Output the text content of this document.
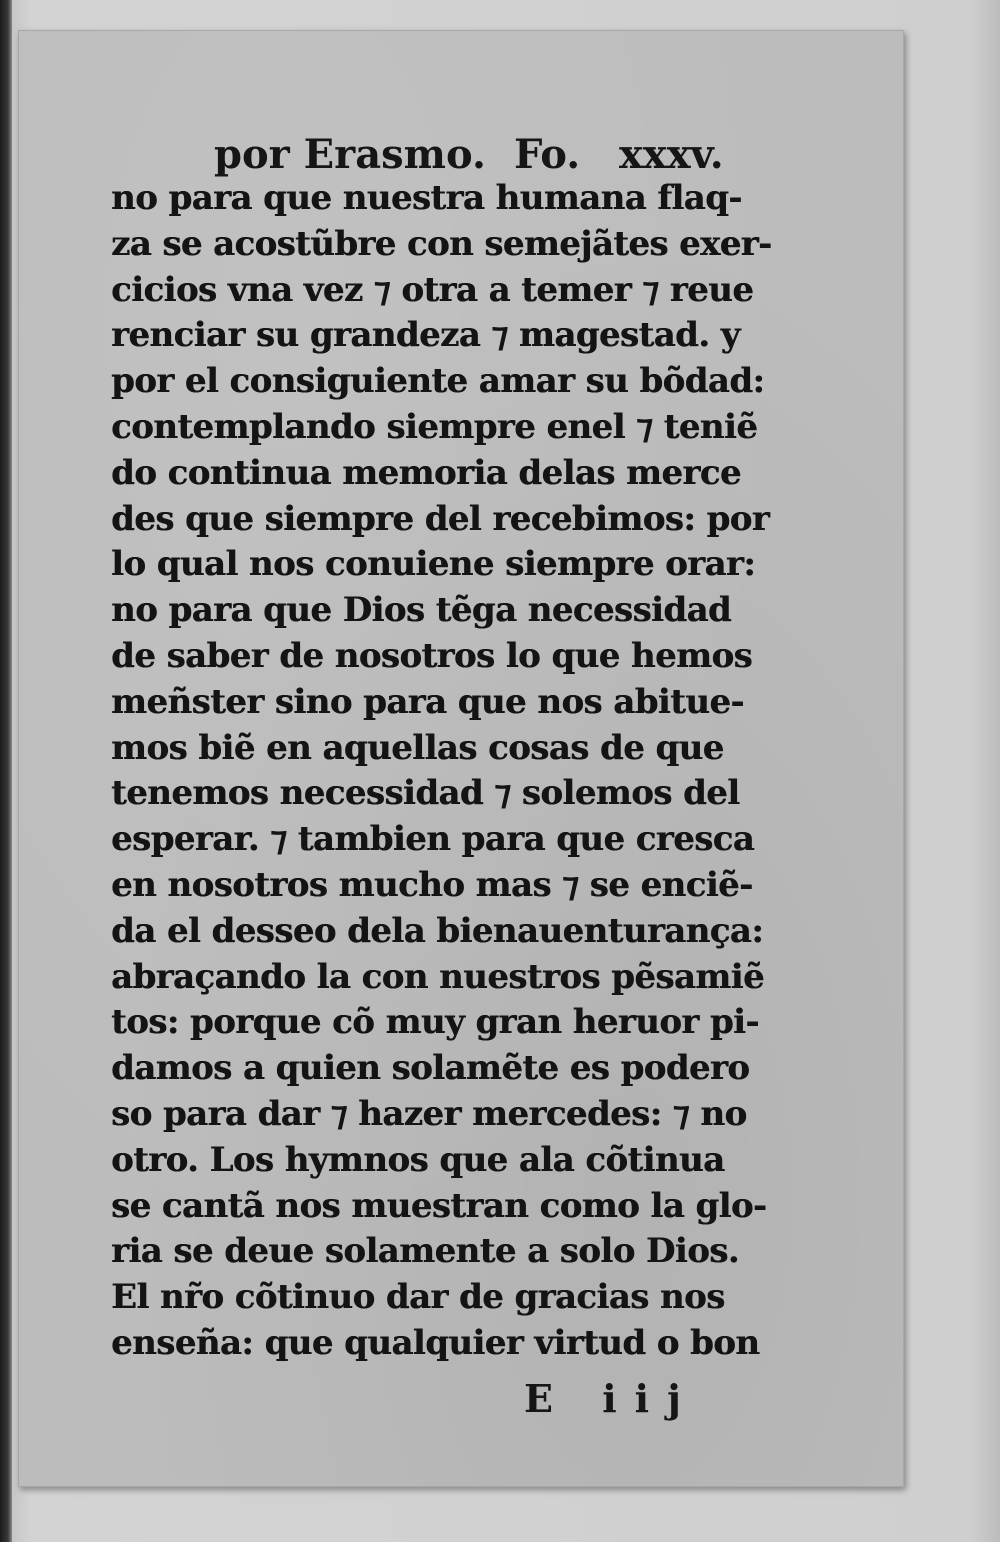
por Erasmo.

Fo.

xxxv.

no para que nuestra humana flaq-
za se acostũbre con semejãtes exer-
cicios vna vez ⁊ otra a temer ⁊ reue
renciar su grandeza ⁊ magestad. y
por el consiguiente amar su bõdad:
contemplando siempre enel ⁊ teniẽ
do continua memoria delas merce
des que siempre del recebimos: por
lo qual nos conuiene siempre orar:
no para que Dios tẽga necessidad
de saber de nosotros lo que hemos
meñster sino para que nos abitue-
mos biẽ en aquellas cosas de que
tenemos necessidad ⁊ solemos del
esperar. ⁊ tambien para que cresca
en nosotros mucho mas ⁊ se enciẽ-
da el desseo dela bienauenturança:
abraçando la con nuestros pẽsamiẽ
tos: porque cõ muy gran heruor pi-
damos a quien solamẽte es podero
so para dar ⁊ hazer mercedes: ⁊ no
otro. Los hymnos que ala cõtinua
se cantã nos muestran como la glo-
ria se deue solamente a solo Dios.
El nr̃o cõtinuo dar de gracias nos
enseña: que qualquier virtud o bon
E iij
